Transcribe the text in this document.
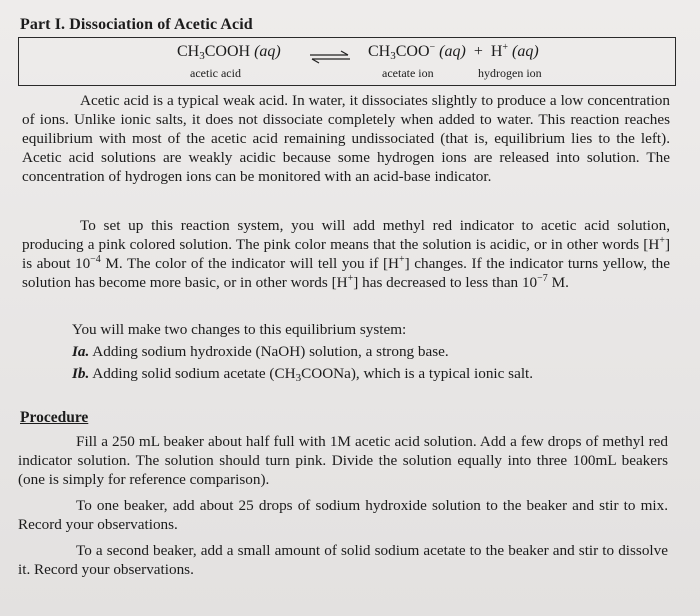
Part I. Dissociation of Acetic Acid
$CH_3COOH$ (aq) ⇌ $CH_3COO^-$ (aq) + H+ (aq)
acetic acid	acetate ion	hydrogen ion
Acetic acid is a typical weak acid. In water, it dissociates slightly to produce a low concentration of ions. Unlike ionic salts, it does not dissociate completely when added to water. This reaction reaches equilibrium with most of the acetic acid remaining undissociated (that is, equilibrium lies to the left). Acetic acid solutions are weakly acidic because some hydrogen ions are released into solution. The concentration of hydrogen ions can be monitored with an acid-base indicator.
To set up this reaction system, you will add methyl red indicator to acetic acid solution, producing a pink colored solution. The pink color means that the solution is acidic, or in other words [H+] is about $10^{-4}$ M. The color of the indicator will tell you if [H+] changes. If the indicator turns yellow, the solution has become more basic, or in other words [H+] has decreased to less than $10^{-7}$ M.
You will make two changes to this equilibrium system:
Ia. Adding sodium hydroxide (NaOH) solution, a strong base.
Ib. Adding solid sodium acetate $(CH_3COONa)$, which is a typical ionic salt.
Procedure
Fill a 250 mL beaker about half full with 1M acetic acid solution. Add a few drops of methyl red indicator solution. The solution should turn pink. Divide the solution equally into three 100mL beakers (one is simply for reference comparison).
To one beaker, add about 25 drops of sodium hydroxide solution to the beaker and stir to mix. Record your observations.
To a second beaker, add a small amount of solid sodium acetate to the beaker and stir to dissolve it. Record your observations.
